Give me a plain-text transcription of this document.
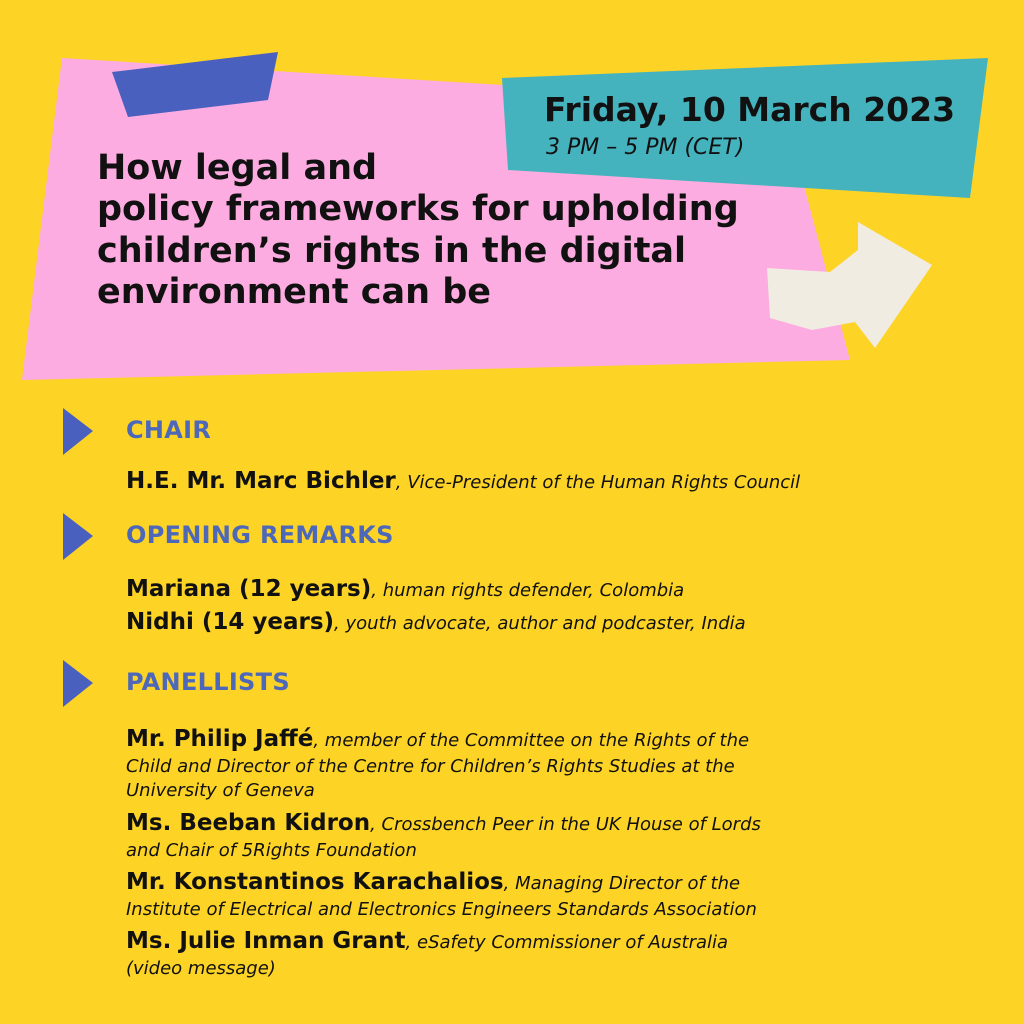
How legal and
policy frameworks for upholding
children’s rights in the digital
environment can be
Friday, 10 March 2023
3 PM – 5 PM (CET)
CHAIR
H.E. Mr. Marc Bichler, Vice-President of the Human Rights Council
OPENING REMARKS
Mariana (12 years), human rights defender, Colombia
Nidhi (14 years), youth advocate, author and podcaster, India
PANELLISTS
Mr. Philip Jaffé, member of the Committee on the Rights of the
Child and Director of the Centre for Children’s Rights Studies at the
University of Geneva
Ms. Beeban Kidron, Crossbench Peer in the UK House of Lords
and Chair of 5Rights Foundation
Mr. Konstantinos Karachalios, Managing Director of the
Institute of Electrical and Electronics Engineers Standards Association
Ms. Julie Inman Grant, eSafety Commissioner of Australia
(video message)
